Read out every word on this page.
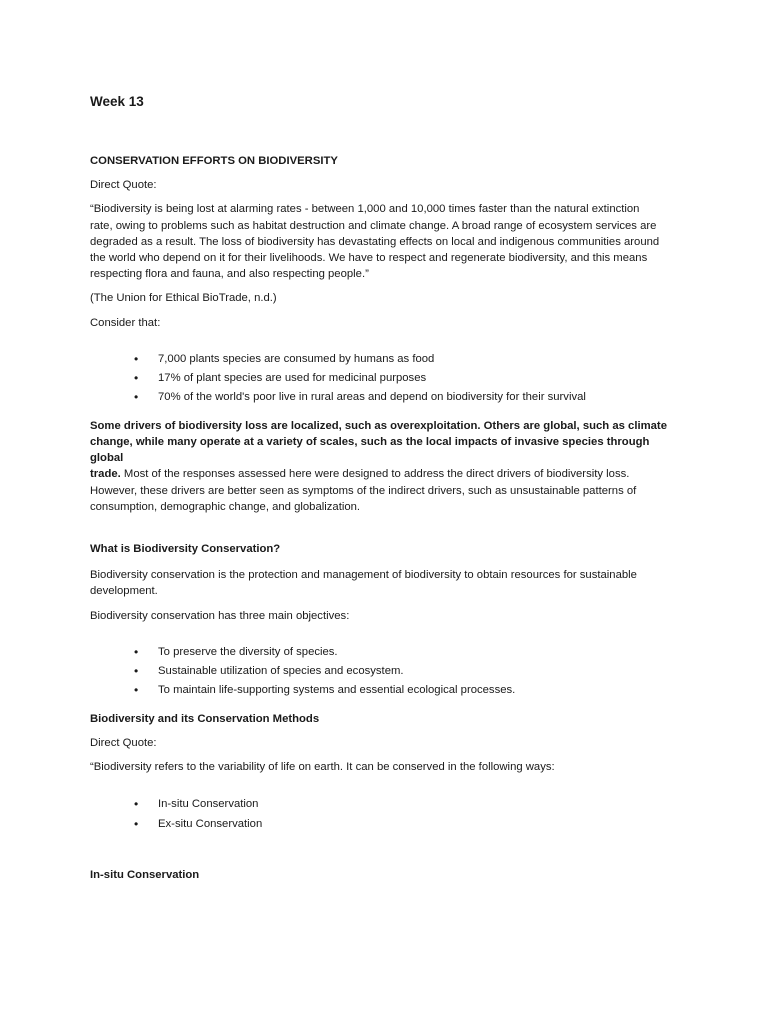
Week 13

CONSERVATION EFFORTS ON BIODIVERSITY

Direct Quote:

“Biodiversity is being lost at alarming rates - between 1,000 and 10,000 times faster than the natural extinction
rate, owing to problems such as habitat destruction and climate change. A broad range of ecosystem services are
degraded as a result. The loss of biodiversity has devastating effects on local and indigenous communities around
the world who depend on it for their livelihoods. We have to respect and regenerate biodiversity, and this means
respecting flora and fauna, and also respecting people.”

(The Union for Ethical BioTrade, n.d.)

Consider that:

• 7,000 plants species are consumed by humans as food
• 17% of plant species are used for medicinal purposes
• 70% of the world's poor live in rural areas and depend on biodiversity for their survival
Some drivers of biodiversity loss are localized, such as overexploitation. Others are global, such as climate
change, while many operate at a variety of scales, such as the local impacts of invasive species through global
trade. Most of the responses assessed here were designed to address the direct drivers of biodiversity loss.
However, these drivers are better seen as symptoms of the indirect drivers, such as unsustainable patterns of
consumption, demographic change, and globalization.

What is Biodiversity Conservation?

Biodiversity conservation is the protection and management of biodiversity to obtain resources for sustainable
development.

Biodiversity conservation has three main objectives:

• To preserve the diversity of species.
• Sustainable utilization of species and ecosystem.
• To maintain life-supporting systems and essential ecological processes.

Biodiversity and its Conservation Methods

Direct Quote:

“Biodiversity refers to the variability of life on earth. It can be conserved in the following ways:

• In-situ Conservation
• Ex-situ Conservation

In-situ Conservation
